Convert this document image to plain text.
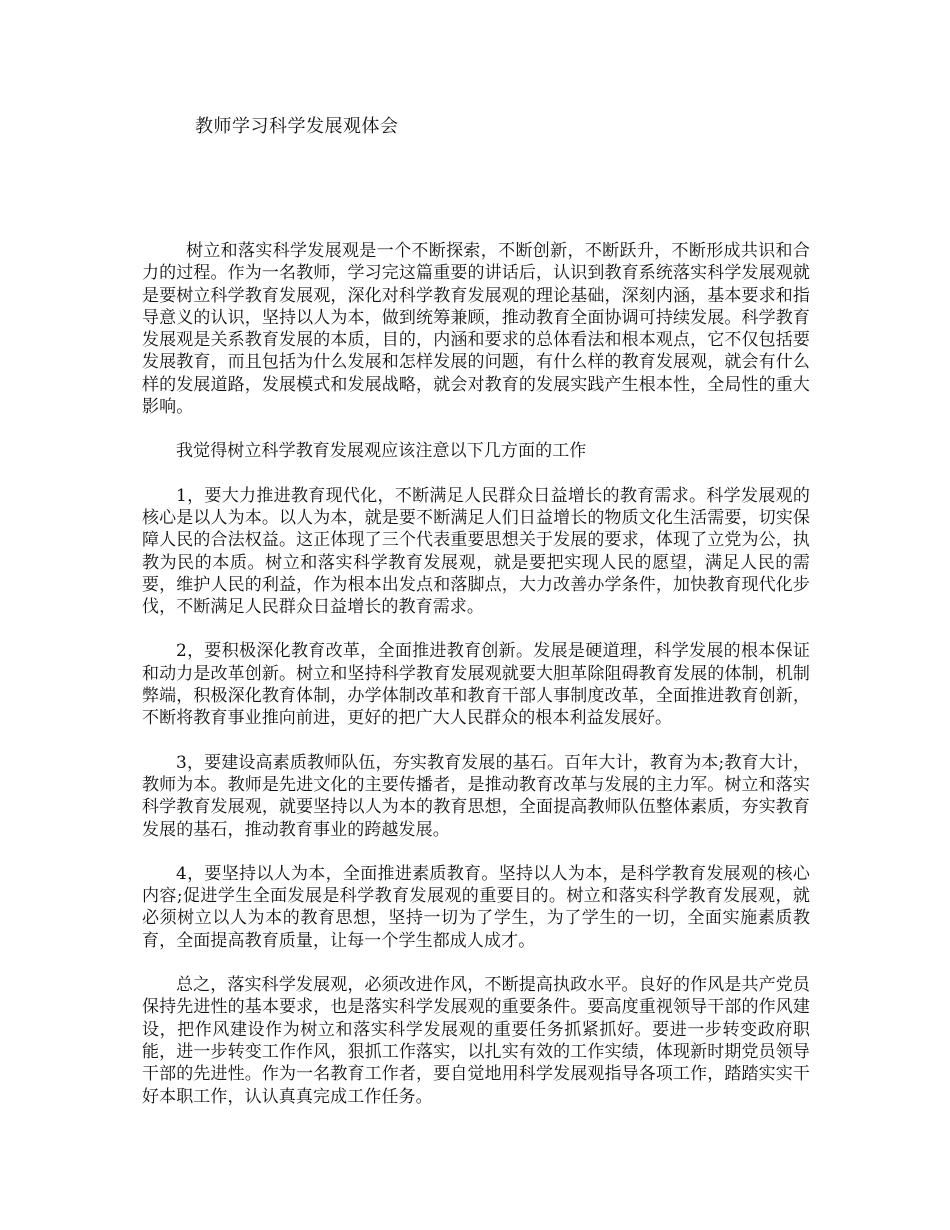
教师学习科学发展观体会

树立和落实科学发展观是一个不断探索，不断创新，不断跃升，不断形成共识和合力的过程。作为一名教师，学习完这篇重要的讲话后，认识到教育系统落实科学发展观就是要树立科学教育发展观，深化对科学教育发展观的理论基础，深刻内涵，基本要求和指导意义的认识，坚持以人为本，做到统筹兼顾，推动教育全面协调可持续发展。科学教育发展观是关系教育发展的本质，目的，内涵和要求的总体看法和根本观点，它不仅包括要发展教育，而且包括为什么发展和怎样发展的问题，有什么样的教育发展观，就会有什么样的发展道路，发展模式和发展战略，就会对教育的发展实践产生根本性，全局性的重大影响。

我觉得树立科学教育发展观应该注意以下几方面的工作

1，要大力推进教育现代化，不断满足人民群众日益增长的教育需求。科学发展观的核心是以人为本。以人为本，就是要不断满足人们日益增长的物质文化生活需要，切实保障人民的合法权益。这正体现了三个代表重要思想关于发展的要求，体现了立党为公，执教为民的本质。树立和落实科学教育发展观，就是要把实现人民的愿望，满足人民的需要，维护人民的利益，作为根本出发点和落脚点，大力改善办学条件，加快教育现代化步伐，不断满足人民群众日益增长的教育需求。

2，要积极深化教育改革，全面推进教育创新。发展是硬道理，科学发展的根本保证和动力是改革创新。树立和坚持科学教育发展观就要大胆革除阻碍教育发展的体制，机制弊端，积极深化教育体制，办学体制改革和教育干部人事制度改革，全面推进教育创新，不断将教育事业推向前进，更好的把广大人民群众的根本利益发展好。

3，要建设高素质教师队伍，夯实教育发展的基石。百年大计，教育为本;教育大计，教师为本。教师是先进文化的主要传播者，是推动教育改革与发展的主力军。树立和落实科学教育发展观，就要坚持以人为本的教育思想，全面提高教师队伍整体素质，夯实教育发展的基石，推动教育事业的跨越发展。

4，要坚持以人为本，全面推进素质教育。坚持以人为本，是科学教育发展观的核心内容;促进学生全面发展是科学教育发展观的重要目的。树立和落实科学教育发展观，就必须树立以人为本的教育思想，坚持一切为了学生，为了学生的一切，全面实施素质教育，全面提高教育质量，让每一个学生都成人成才。

总之，落实科学发展观，必须改进作风，不断提高执政水平。良好的作风是共产党员保持先进性的基本要求，也是落实科学发展观的重要条件。要高度重视领导干部的作风建设，把作风建设作为树立和落实科学发展观的重要任务抓紧抓好。要进一步转变政府职能，进一步转变工作作风，狠抓工作落实，以扎实有效的工作实绩，体现新时期党员领导干部的先进性。作为一名教育工作者，要自觉地用科学发展观指导各项工作，踏踏实实干好本职工作，认认真真完成工作任务。
